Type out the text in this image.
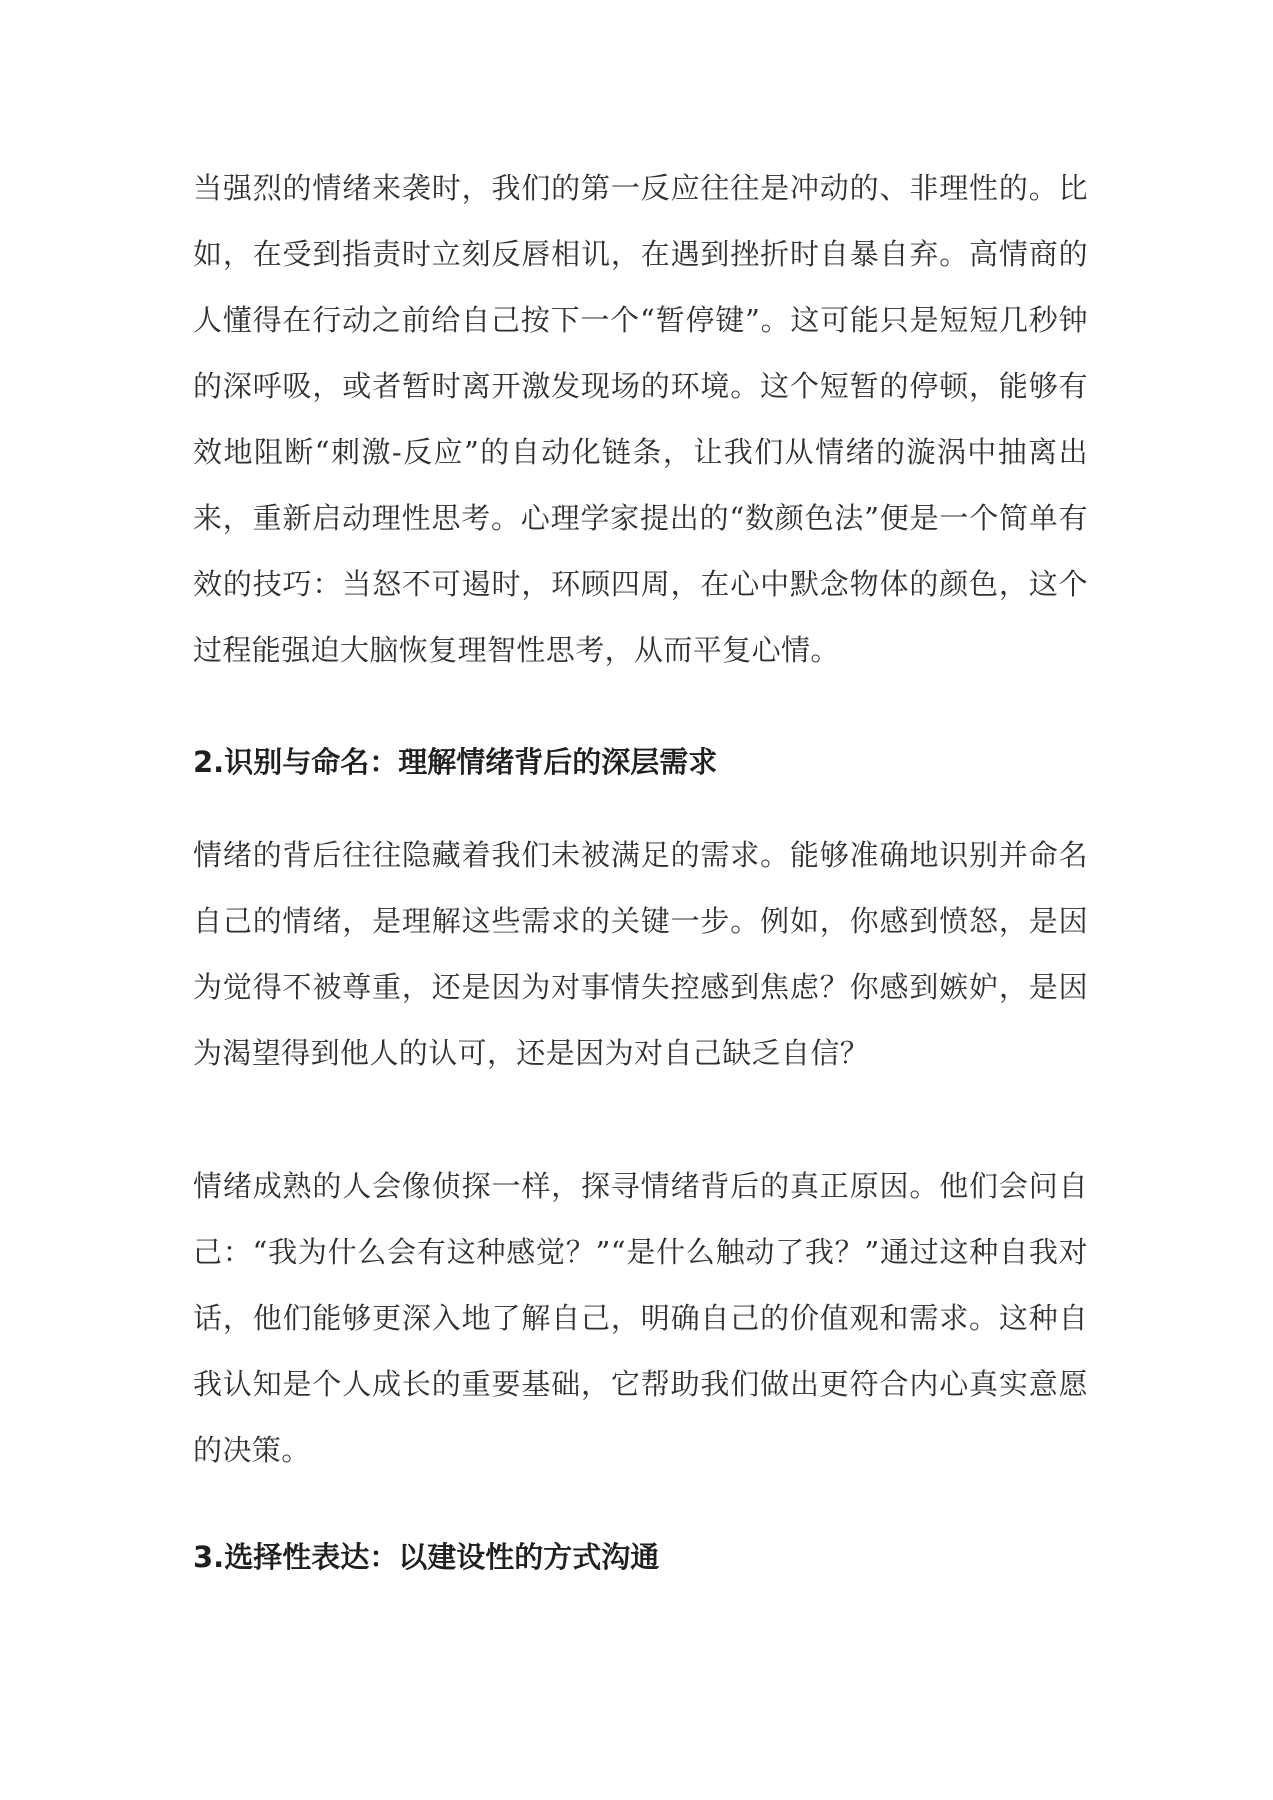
当强烈的情绪来袭时，我们的第一反应往往是冲动的、非理性的。比如，在受到指责时立刻反唇相讥，在遇到挫折时自暴自弃。高情商的人懂得在行动之前给自己按下一个“暂停键”。这可能只是短短几秒钟的深呼吸，或者暂时离开激发现场的环境。这个短暂的停顿，能够有效地阻断“刺激-反应”的自动化链条，让我们从情绪的漩涡中抽离出来，重新启动理性思考。心理学家提出的“数颜色法”便是一个简单有效的技巧：当怒不可遏时，环顾四周，在心中默念物体的颜色，这个过程能强迫大脑恢复理智性思考，从而平复心情。

2.识别与命名：理解情绪背后的深层需求

情绪的背后往往隐藏着我们未被满足的需求。能够准确地识别并命名自己的情绪，是理解这些需求的关键一步。例如，你感到愤怒，是因为觉得不被尊重，还是因为对事情失控感到焦虑？你感到嫉妒，是因为渴望得到他人的认可，还是因为对自己缺乏自信？

情绪成熟的人会像侦探一样，探寻情绪背后的真正原因。他们会问自己：“我为什么会有这种感觉？”“是什么触动了我？”通过这种自我对话，他们能够更深入地了解自己，明确自己的价值观和需求。这种自我认知是个人成长的重要基础，它帮助我们做出更符合内心真实意愿的决策。

3.选择性表达：以建设性的方式沟通
